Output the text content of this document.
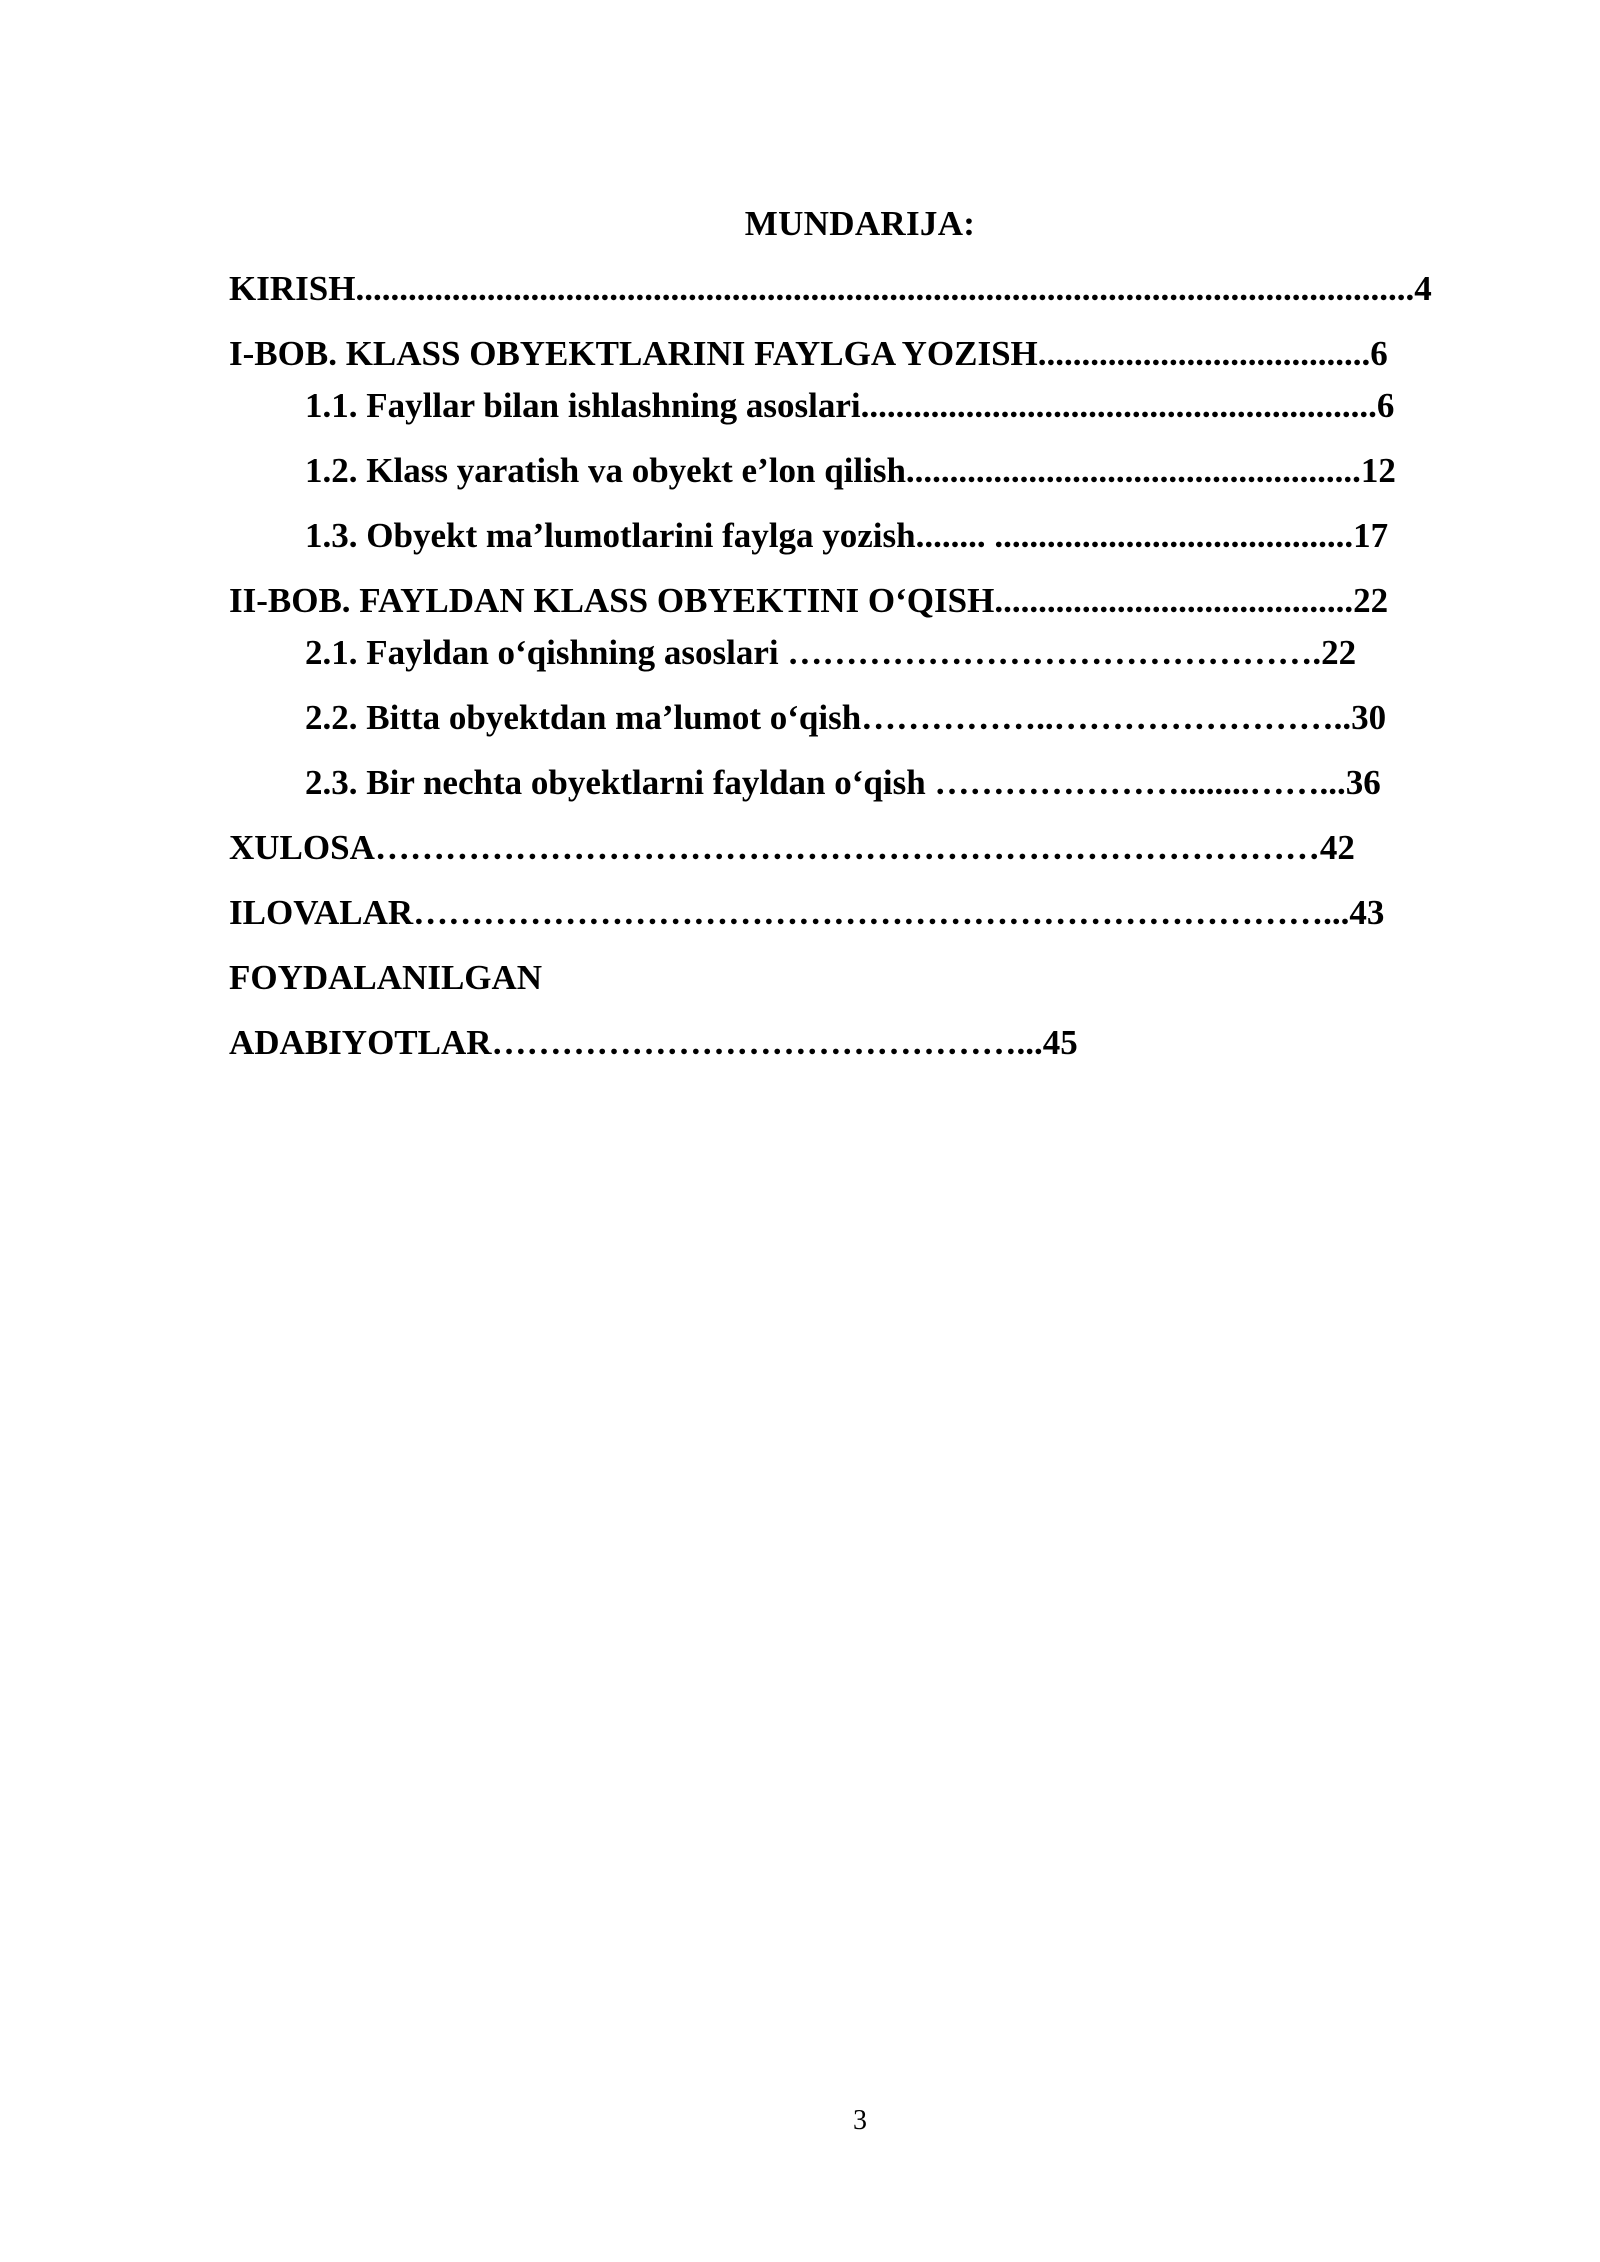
MUNDARIJA:
KIRISH.........................................................................................................................4
I-BOB. KLASS OBYEKTLARINI FAYLGA YOZISH......................................6
1.1. Fayllar bilan ishlashning asoslari...........................................................6
1.2. Klass yaratish va obyekt e’lon qilish....................................................12
1.3. Obyekt ma’lumotlarini faylga yozish........ .........................................17
II-BOB. FAYLDAN KLASS OBYEKTINI O‘QISH.........................................22
2.1. Fayldan o‘qishning asoslari ……………………………………….22
2.2. Bitta obyektdan ma’lumot o‘qish……………..……………………..30
2.3. Bir nechta obyektlarni fayldan o‘qish …………………........……...36
XULOSA………………………………………………………………………42
ILOVALAR……………………………………………………………………...43
FOYDALANILGAN
ADABIYOTLAR………………………………………...45
3
